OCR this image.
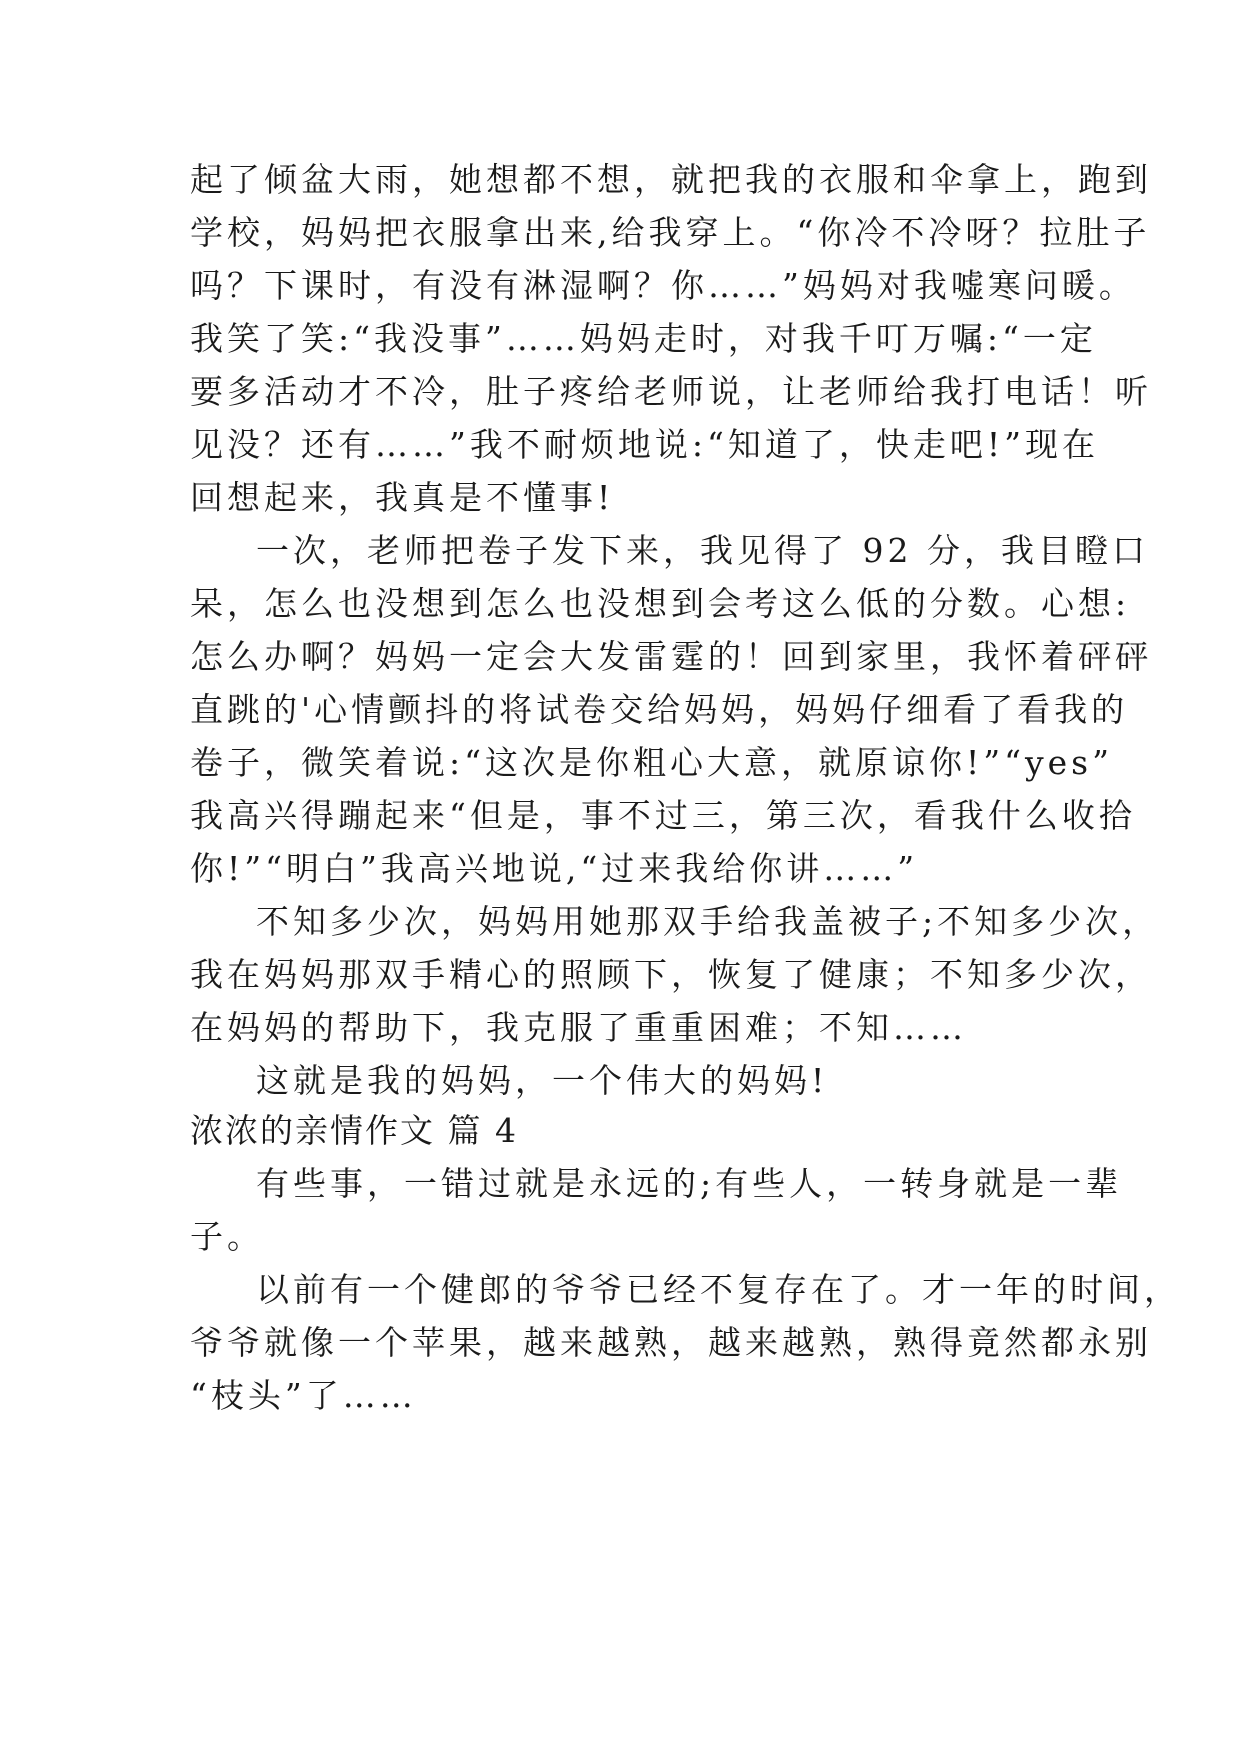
起了倾盆大雨，她想都不想，就把我的衣服和伞拿上，跑到
学校，妈妈把衣服拿出来,给我穿上。“你冷不冷呀？拉肚子
吗？下课时，有没有淋湿啊？你……”妈妈对我嘘寒问暖。
我笑了笑:“我没事”……妈妈走时，对我千叮万嘱:“一定
要多活动才不冷，肚子疼给老师说，让老师给我打电话！听
见没？还有……”我不耐烦地说:“知道了，快走吧!”现在
回想起来，我真是不懂事!
一次，老师把卷子发下来，我见得了 92 分，我目瞪口
呆，怎么也没想到怎么也没想到会考这么低的分数。心想:
怎么办啊？妈妈一定会大发雷霆的！回到家里，我怀着砰砰
直跳的'心情颤抖的将试卷交给妈妈，妈妈仔细看了看我的
卷子，微笑着说:“这次是你粗心大意，就原谅你!”“yes”
我高兴得蹦起来“但是，事不过三，第三次，看我什么收拾
你!”“明白”我高兴地说,“过来我给你讲……”
不知多少次，妈妈用她那双手给我盖被子;不知多少次，
我在妈妈那双手精心的照顾下，恢复了健康；不知多少次，
在妈妈的帮助下，我克服了重重困难；不知……
这就是我的妈妈，一个伟大的妈妈!
浓浓的亲情作文 篇 4
有些事，一错过就是永远的;有些人，一转身就是一辈
子。
以前有一个健郎的爷爷已经不复存在了。才一年的时间，
爷爷就像一个苹果，越来越熟，越来越熟，熟得竟然都永别
“枝头”了……
